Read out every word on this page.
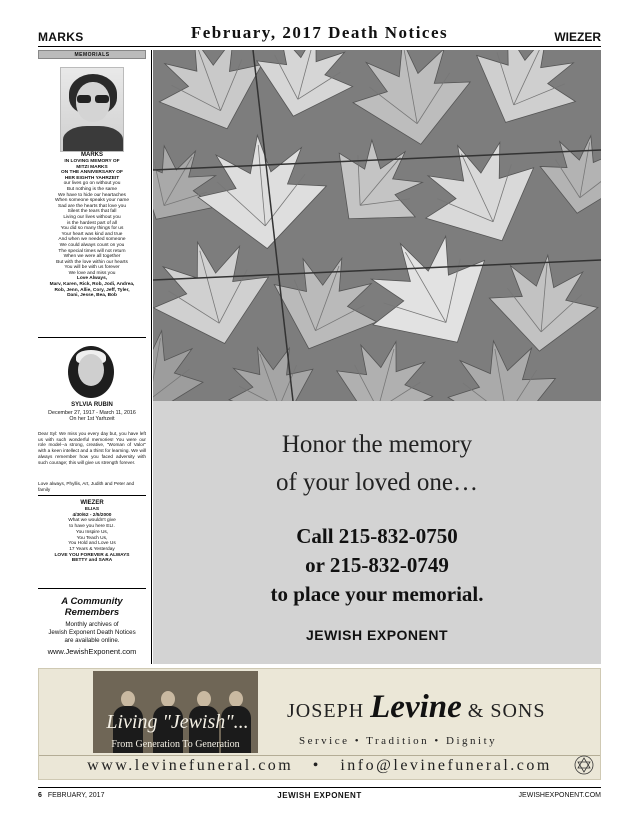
MARKS	February, 2017 Death Notices	WIEZER
MEMORIALS
MARKS
IN LOVING MEMORY OF
MITZI MARKS
ON THE ANNIVERSARY OF
HER EIGHTH YAHRZEIT
our lives go on without you
But nothing is the same
We have to hide our heartaches
When someone speaks your name
Sad are the hearts that love you
Silent the tears that fall
Living our lives without you
is the hardest part of all
You did so many things for us
Your heart was kind and true
And when we needed someone
We could always count on you
The special times will not return
When we were all together
But with the love within our hearts
You will be with us forever
We love and miss you
Love Always,
Marv, Karen, Rick, Rob, Jodi, Andrea,
Rob, Jenn, Allie, Cory, Jeff, Tyler,
Dani, Jesse, Bea, Bob
SYLVIA RUBIN
December 27, 1917 - March 11, 2016
On her 1st Yarhzeit
Dear Syl: We miss you every day but, you have left us with such wonderful memories! You were our role model--a strong, creative, "Woman of Valor" with a keen intellect and a thirst for learning. We will always remember how you faced adversity with such courage; this will give us strength forever.
Love always, Phyllis, Art, Judith and Peter and family
WIEZER
ELIAS
4/30/62 - 2/5/2000
What we wouldn't give
to have you here ELI.
You Inspire Us,
You Teach Us,
You Hold and Love Us
17 Years & Yesterday
LOVE YOU FOREVER & ALWAYS
BETTY and SARA
A Community
Remembers
Monthly archives of
Jewish Exponent Death Notices
are available online.
www.JewishExponent.com
Honor the memory
of your loved one…
Call 215-832-0750
or 215-832-0749
to place your memorial.
JEWISH EXPONENT
Living "Jewish"...
From Generation To Generation
JOSEPH Levine & SONS
Service • Tradition • Dignity
www.levinefuneral.com • info@levinefuneral.com
6 FEBRUARY, 2017	JEWISH EXPONENT	JEWISHEXPONENT.COM
